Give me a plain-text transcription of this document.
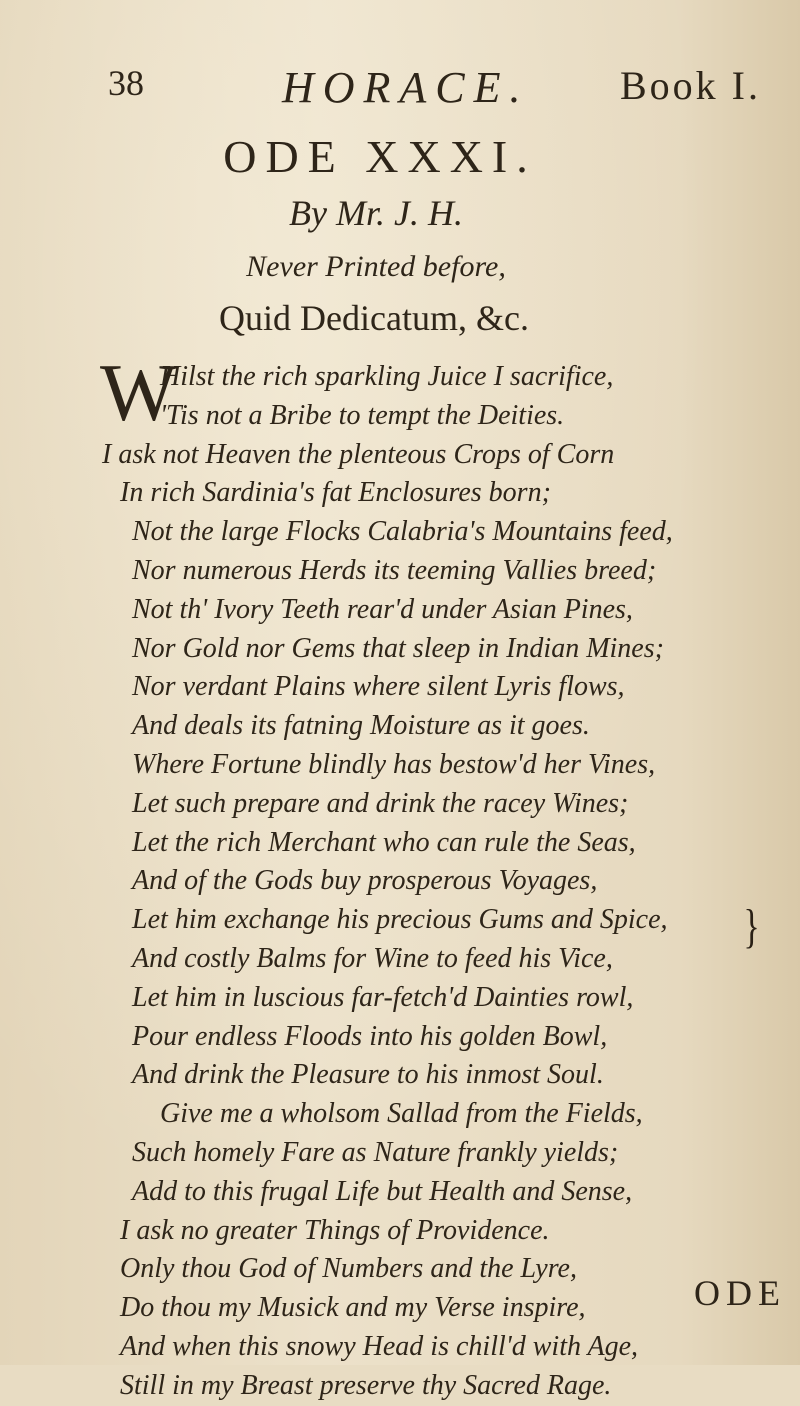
38	HORACE. Book I.
ODE XXXI.
By Mr. J. H.
Never Printed before,
Quid Dedicatum, &c.
W
Hilst the rich sparkling Juice I sacrifice,
'Tis not a Bribe to tempt the Deities.
I ask not Heaven the plenteous Crops of Corn
In rich Sardinia's fat Enclosures born;
Not the large Flocks Calabria's Mountains feed,
Nor numerous Herds its teeming Vallies breed;
Not th' Ivory Teeth rear'd under Asian Pines,
Nor Gold nor Gems that sleep in Indian Mines;
Nor verdant Plains where silent Lyris flows,
And deals its fatning Moisture as it goes.
Where Fortune blindly has bestow'd her Vines,
Let such prepare and drink the racey Wines;
Let the rich Merchant who can rule the Seas,
And of the Gods buy prosperous Voyages,
Let him exchange his precious Gums and Spice,
And costly Balms for Wine to feed his Vice,
Let him in luscious far-fetch'd Dainties rowl,
Pour endless Floods into his golden Bowl,
And drink the Pleasure to his inmost Soul.
Give me a wholsom Sallad from the Fields,
Such homely Fare as Nature frankly yields;
Add to this frugal Life but Health and Sense,
I ask no greater Things of Providence.
Only thou God of Numbers and the Lyre,
Do thou my Musick and my Verse inspire,
And when this snowy Head is chill'd with Age,
Still in my Breast preserve thy Sacred Rage.
}
ODE
